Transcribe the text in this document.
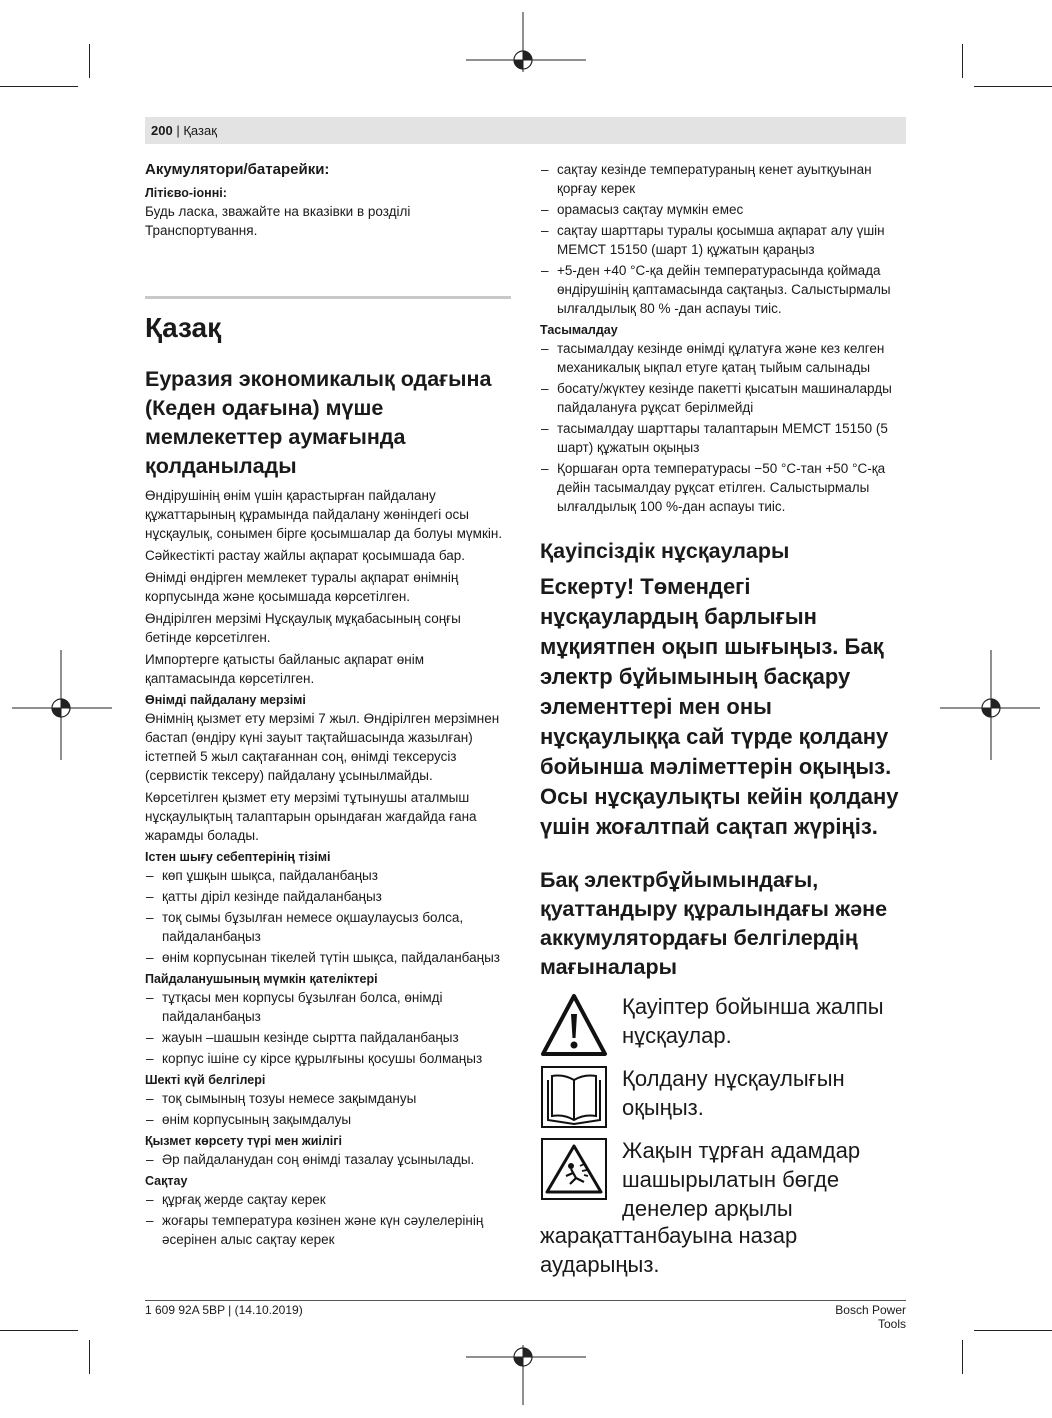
200 | Қазақ
Акумулятори/батарейки:
Літієво-іонні:

Будь ласка, зважайте на вказівки в розділі Транспортування.

Қазақ
Еуразия экономикалық одағына (Кеден одағына) мүше мемлекеттер аумағында қолданылады

Өндірушінің өнім үшін қарастырған пайдалану құжаттарының құрамында пайдалану жөніндегі осы нұсқаулық, сонымен бірге қосымшалар да болуы мүмкін.

Сәйкестікті растау жайлы ақпарат қосымшада бар.

Өнімді өндірген мемлекет туралы ақпарат өнімнің корпусында және қосымшада көрсетілген.

Өндірілген мерзімі Нұсқаулық мұқабасының соңғы бетінде көрсетілген.

Импортерге қатысты байланыс ақпарат өнім қаптамасында көрсетілген.

Өнімді пайдалану мерзімі

Өнімнің қызмет ету мерзімі 7 жыл. Өндірілген мерзімнен бастап (өндіру күні зауыт тақтайшасында жазылған) істетпей 5 жыл сақтағаннан соң, өнімді тексерусіз (сервистік тексеру) пайдалану ұсынылмайды.

Көрсетілген қызмет ету мерзімі тұтынушы аталмыш нұсқаулықтың талаптарын орындаған жағдайда ғана жарамды болады.

Істен шығу себептерінің тізімі
– көп ұшқын шықса, пайдаланбаңыз
– қатты діріл кезінде пайдаланбаңыз
– тоқ сымы бұзылған немесе оқшаулаусыз болса, пайдаланбаңыз
– өнім корпусынан тікелей түтін шықса, пайдаланбаңыз
Пайдаланушының мүмкін қателіктері
– тұтқасы мен корпусы бұзылған болса, өнімді пайдаланбаңыз
– жауын –шашын кезінде сыртта пайдаланбаңыз
– корпус ішіне су кірсе құрылғыны қосушы болмаңыз
Шекті күй белгілері
– тоқ сымының тозуы немесе зақымдануы
– өнім корпусының зақымдалуы
Қызмет көрсету түрі мен жиілігі
– Әр пайдаланудан соң өнімді тазалау ұсынылады.
Сақтау
– құрғақ жерде сақтау керек
– жоғары температура көзінен және күн сәулелерінің әсерінен алыс сақтау керек
– сақтау кезінде температураның кенет ауытқуынан қорғау керек
– орамасыз сақтау мүмкін емес
– сақтау шарттары туралы қосымша ақпарат алу үшін МЕМСТ 15150 (шарт 1) құжатын қараңыз
– +5-ден +40 °C-қа дейін температурасында қоймада өндірушінің қаптамасында сақтаңыз. Салыстырмалы ылғалдылық 80 % -дан аспауы тиіс.
Тасымалдау
– тасымалдау кезінде өнімді құлатуға және кез келген механикалық ықпал етуге қатаң тыйым салынады
– босату/жүктеу кезінде пакетті қысатын машиналарды пайдалануға рұқсат берілмейді
– тасымалдау шарттары талаптарын МЕМСТ 15150 (5 шарт) құжатын оқыңыз
– Қоршаған орта температурасы −50 °C-тан +50 °C-қа дейін тасымалдау рұқсат етілген. Салыстырмалы ылғалдылық 100 %-дан аспауы тиіс.
Қауіпсіздік нұсқаулары
Ескерту! Төмендегі нұсқаулардың барлығын мұқиятпен оқып шығыңыз. Бақ электр бұйымының басқару элементтері мен оны нұсқаулыққа сай түрде қолдану бойынша мәліметтерін оқыңыз. Осы нұсқаулықты кейін қолдану үшін жоғалтпай сақтап жүріңіз.
Бақ электрбұйымындағы, қуаттандыру құралындағы және аккумулятордағы белгілердің мағыналары
Қауіптер бойынша жалпы нұсқаулар.
Қолдану нұсқаулығын оқыңыз.
Жақын тұрған адамдар шашырылатын бөгде денелер арқылы
жарақаттанбауына назар аударыңыз.
1 609 92A 5BP | (14.10.2019)	Bosch Power Tools
